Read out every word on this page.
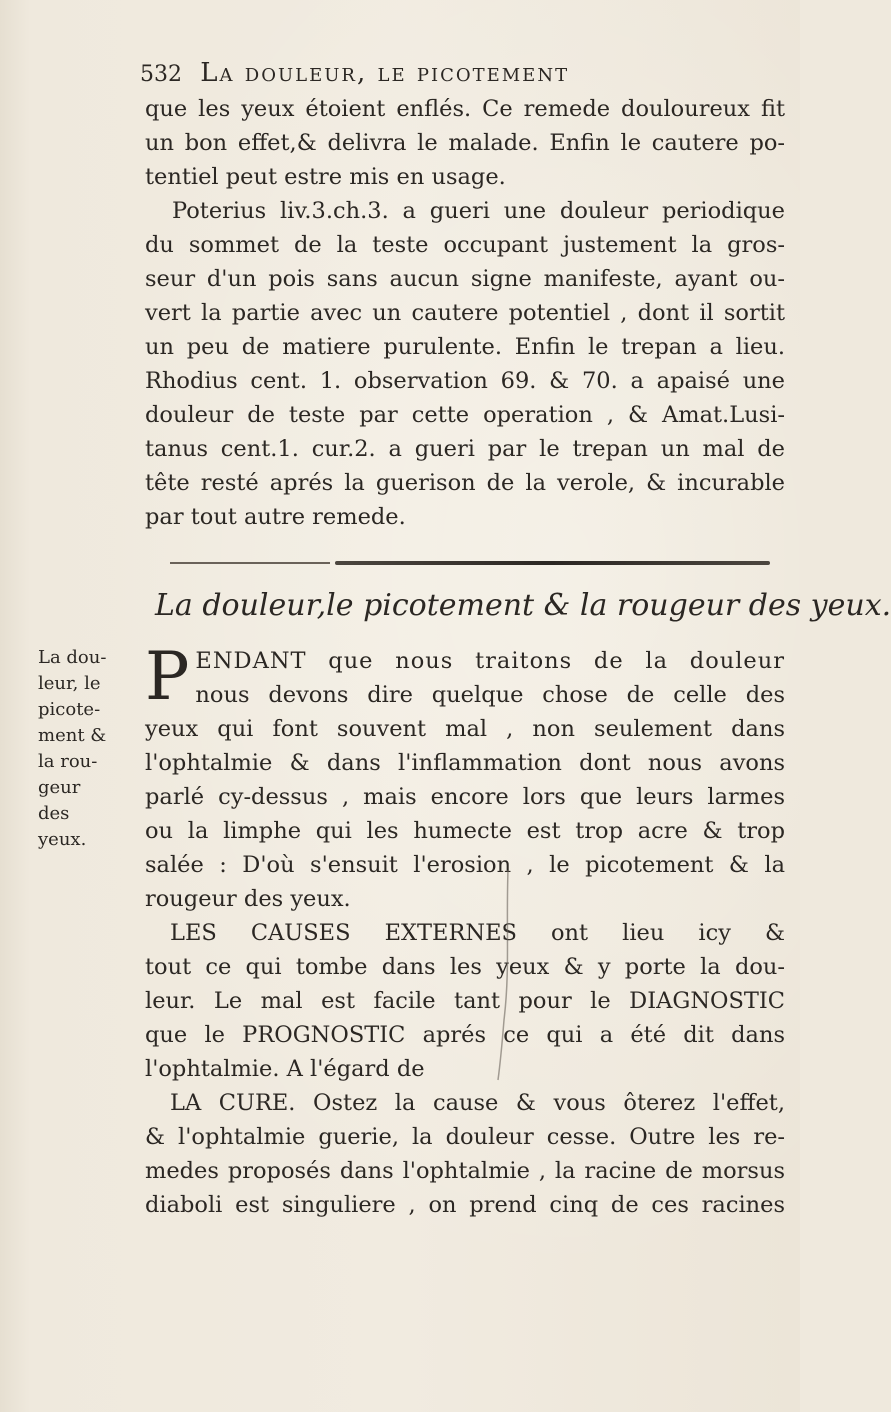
532 La douleur, le picotement
que les yeux étoient enflés. Ce remede douloureux fit
un bon effet,& delivra le malade. Enfin le cautere po-
tentiel peut estre mis en usage.
Poterius liv.3.ch.3. a gueri une douleur periodique
du sommet de la teste occupant justement la gros-
seur d'un pois sans aucun signe manifeste, ayant ou-
vert la partie avec un cautere potentiel , dont il sortit
un peu de matiere purulente. Enfin le trepan a lieu.
Rhodius cent. 1. observation 69. & 70. a apaisé une
douleur de teste par cette operation , & Amat.Lusi-
tanus cent.1. cur.2. a gueri par le trepan un mal de
tête resté aprés la guerison de la verole, & incurable
par tout autre remede.
La douleur,le picotement & la rougeur des yeux.
La dou-
leur, le
picote-
ment &
la rou-
geur
des
yeux.
P ENDANT que nous traitons de la douleur
nous devons dire quelque chose de celle des
yeux qui font souvent mal , non seulement dans
l'ophtalmie & dans l'inflammation dont nous avons
parlé cy-dessus , mais encore lors que leurs larmes
ou la limphe qui les humecte est trop acre & trop
salée : D'où s'ensuit l'erosion , le picotement & la
rougeur des yeux.
LES CAUSES EXTERNES ont lieu icy &
tout ce qui tombe dans les yeux & y porte la dou-
leur. Le mal est facile tant pour le DIAGNOSTIC
que le PROGNOSTIC aprés ce qui a été dit dans
l'ophtalmie. A l'égard de
LA CURE. Ostez la cause & vous ôterez l'effet,
& l'ophtalmie guerie, la douleur cesse. Outre les re-
medes proposés dans l'ophtalmie , la racine de morsus
diaboli est singuliere , on prend cinq de ces racines
